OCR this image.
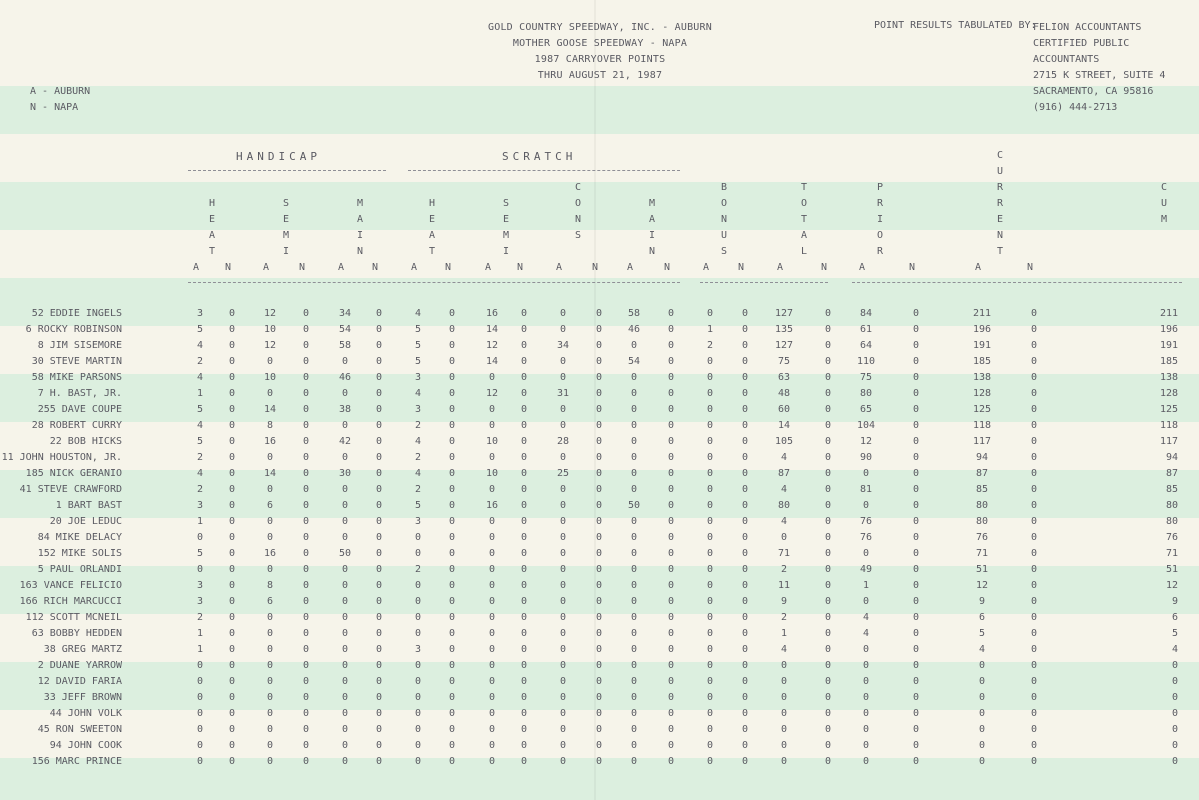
GOLD COUNTRY SPEEDWAY, INC. - AUBURN
MOTHER GOOSE SPEEDWAY - NAPA
1987 CARRYOVER POINTS
THRU AUGUST 21, 1987
POINT RESULTS TABULATED BY:
FELION ACCOUNTANTS
CERTIFIED PUBLIC ACCOUNTANTS
2715 K STREET, SUITE 4
SACRAMENTO, CA 95816
(916) 444-2713
A - AUBURN
N - NAPA
HANDICAP	SCRATCH
H
E
A
T
S
E
M
I
M
A
I
N
H
E
A
T
S
E
M
I
C
O
N
S
M
A
I
N
B
O
N
U
S
T
O
T
A
L
P
R
I
O
R
C
U
R
R
E
N
T
C
U
M
A	N	A	N	A	N	A	N	A	N	A	N	A	N	A	N	A	N	A	N	A	N
52 EDDIE INGELS	3	0	12	0	34	0	4	0	16	0	0	0	58	0	0	0	127	0	84	0	211	0	211
6 ROCKY ROBINSON	5	0	10	0	54	0	5	0	14	0	0	0	46	0	1	0	135	0	61	0	196	0	196
8 JIM SISEMORE	4	0	12	0	58	0	5	0	12	0	34	0	0	0	2	0	127	0	64	0	191	0	191
30 STEVE MARTIN	2	0	0	0	0	0	5	0	14	0	0	0	54	0	0	0	75	0	110	0	185	0	185
58 MIKE PARSONS	4	0	10	0	46	0	3	0	0	0	0	0	0	0	0	0	63	0	75	0	138	0	138
7 H. BAST, JR.	1	0	0	0	0	0	4	0	12	0	31	0	0	0	0	0	48	0	80	0	128	0	128
255 DAVE COUPE	5	0	14	0	38	0	3	0	0	0	0	0	0	0	0	0	60	0	65	0	125	0	125
28 ROBERT CURRY	4	0	8	0	0	0	2	0	0	0	0	0	0	0	0	0	14	0	104	0	118	0	118
22 BOB HICKS	5	0	16	0	42	0	4	0	10	0	28	0	0	0	0	0	105	0	12	0	117	0	117
11 JOHN HOUSTON, JR.	2	0	0	0	0	0	2	0	0	0	0	0	0	0	0	0	4	0	90	0	94	0	94
185 NICK GERANIO	4	0	14	0	30	0	4	0	10	0	25	0	0	0	0	0	87	0	0	0	87	0	87
41 STEVE CRAWFORD	2	0	0	0	0	0	2	0	0	0	0	0	0	0	0	0	4	0	81	0	85	0	85
1 BART BAST	3	0	6	0	0	0	5	0	16	0	0	0	50	0	0	0	80	0	0	0	80	0	80
20 JOE LEDUC	1	0	0	0	0	0	3	0	0	0	0	0	0	0	0	0	4	0	76	0	80	0	80
84 MIKE DELACY	0	0	0	0	0	0	0	0	0	0	0	0	0	0	0	0	0	0	76	0	76	0	76
152 MIKE SOLIS	5	0	16	0	50	0	0	0	0	0	0	0	0	0	0	0	71	0	0	0	71	0	71
5 PAUL ORLANDI	0	0	0	0	0	0	2	0	0	0	0	0	0	0	0	0	2	0	49	0	51	0	51
163 VANCE FELICIO	3	0	8	0	0	0	0	0	0	0	0	0	0	0	0	0	11	0	1	0	12	0	12
166 RICH MARCUCCI	3	0	6	0	0	0	0	0	0	0	0	0	0	0	0	0	9	0	0	0	9	0	9
112 SCOTT MCNEIL	2	0	0	0	0	0	0	0	0	0	0	0	0	0	0	0	2	0	4	0	6	0	6
63 BOBBY HEDDEN	1	0	0	0	0	0	0	0	0	0	0	0	0	0	0	0	1	0	4	0	5	0	5
38 GREG MARTZ	1	0	0	0	0	0	3	0	0	0	0	0	0	0	0	0	4	0	0	0	4	0	4
2 DUANE YARROW	0	0	0	0	0	0	0	0	0	0	0	0	0	0	0	0	0	0	0	0	0	0	0
12 DAVID FARIA	0	0	0	0	0	0	0	0	0	0	0	0	0	0	0	0	0	0	0	0	0	0	0
33 JEFF BROWN	0	0	0	0	0	0	0	0	0	0	0	0	0	0	0	0	0	0	0	0	0	0	0
44 JOHN VOLK	0	0	0	0	0	0	0	0	0	0	0	0	0	0	0	0	0	0	0	0	0	0	0
45 RON SWEETON	0	0	0	0	0	0	0	0	0	0	0	0	0	0	0	0	0	0	0	0	0	0	0
94 JOHN COOK	0	0	0	0	0	0	0	0	0	0	0	0	0	0	0	0	0	0	0	0	0	0	0
156 MARC PRINCE	0	0	0	0	0	0	0	0	0	0	0	0	0	0	0	0	0	0	0	0	0	0	0
